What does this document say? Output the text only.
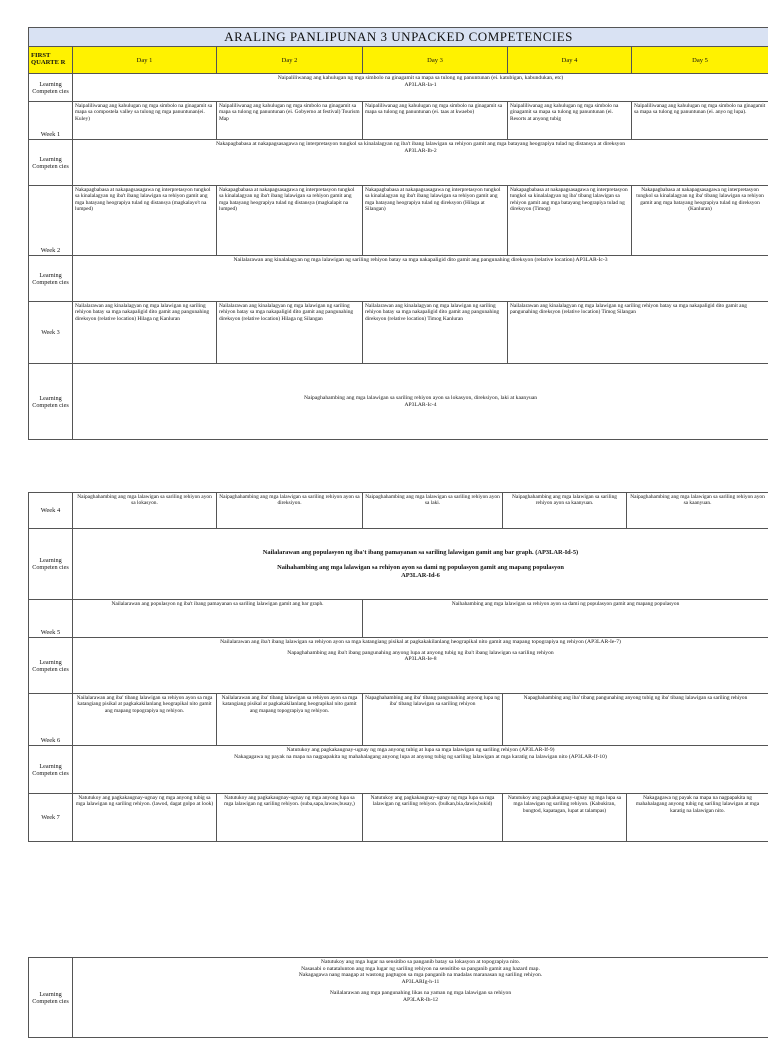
ARALING PANLIPUNAN 3 UNPACKED COMPETENCIES					
FIRST QUARTE R	Day 1	Day 2	Day 3	Day 4	Day 5
Learning Competen cies	Naipaliliwanag ang kahulugan ng mga simbolo na ginagamit sa mapa sa tulong ng panuntunan (ei. katubigan, kabundukan, etc)
AP3LAR-Ia-1				

Week 1	Naipaliliwanag ang kahulugan ng mga simbolo na ginagamit sa mapa sa compostela valley sa tulong ng mga panuntunan(ei. Kuley)	Naipaliliwanag ang kahulugan ng mga simbolo na ginagamit sa mapa sa tulong ng panuntunan (ei. Gobyerno at festival) Tourism Map	Naipaliliwanag ang kahulugan ng mga simbolo na ginagamit sa mapa sa tulong ng panuntunan (ei. taas at kwaebo)	Naipaliliwanag ang kahulugan ng mga simbolo na ginagamit sa mapa sa tulong ng panuntunan (ei. Resorts at anyong tubig	Naipaliliwanag ang kahulugan ng mga simbolo na ginagamit sa mapa sa tulong ng panuntunan (ei. anyo ng lupa).
Learning Competen cies	Nakapagbabasa at nakapagsasagawa ng interpretasyon tungkol sa kinalalagyan ng iba't ibang lalawigan sa rehiyon gamit ang mga batayang heograpiya tulad ng distansya at direksyon
AP3LAR-Ib-2				

Week 2	Nakapagbabasa at nakapagsasagawa ng interpretasyon tungkol sa kinalalagyan ng iba't ibang lalawigan sa rehiyon gamit ang mga batayang heograpiya tulad ng distansya (magkalayo't na lumped)	Nakapagbabasa at nakapagsasagawa ng interpretasyon tungkol sa kinalalagyan ng iba't ibang lalawigan sa rehiyon gamit ang mga batayang heograpiya tulad ng distansya (magkalapit na lumped)	Nakapagbabasa at nakapagsasagawa ng interpretasyon tungkol sa kinalalagyan ng iba't ibang lalawigan sa rehiyon gamit ang mga batayang heograpiya tulad ng direksyon (Hilaga at Silangan)	Nakapagbabasa at nakapagsasagawa ng interpretasyon tungkol sa kinalalagyan ng iba' tibang lalawigan sa rehiyon gamit ang mga batayang heograpiya tulad ng direksyon (Timog)	Nakapagbabasa at nakapagsasagawa ng interpretasyon tungkol sa kinalalagyan ng iba' tibang lalawigan sa rehiyon gamit ang mga batayang heograpiya tulad ng direksyon (Kanluran)
Learning Competen cies	Nailalarawan ang kinalalagyan ng mga lalawigan ng sariling rehiyon batay sa mga nakapaligid dito gamit ang pangunahing direksyon (relative location) AP3LAR-Ic-3				
Week 3	Nailalarawan ang kinalalagyan ng mga lalawigan ng sariling rehiyon batay sa mga nakapaligid dito gamit ang pangunahing direksyon (relative location) Hilaga ng Kanluran	Nailalarawan ang kinalalagyan ng mga lalawigan ng sariling rehiyon batay sa mga nakapaligid dito gamit ang pangunahing direksyon (relative location) Hilaga ng Silangan	Nailalarawan ang kinalalagyan ng mga lalawigan ng sariling rehiyon batay sa mga nakapaligid dito gamit ang pangunahing direksyon (relative location) Timog Kanluran	Nailalarawan ang kinalalagyan ng mga lalawigan ng sariling rehiyon batay sa mga nakapaligid dito gamit ang pangunahing direksyon (relative location) Timog Silangan	
Learning Competen cies	Naipaghahambing ang mga lalawigan sa sariling rehiyon ayon sa lokasyon, direksiyon, laki at kaanyuan
AP3LAR-Ic-4				
Week 4	Naipaghahambing ang mga lalawigan sa sariling rehiyon ayon sa lokasyon.	Naipaghahambing ang mga lalawigan sa sariling rehiyon ayon sa direksiyon.	Naipaghahambing ang mga lalawigan sa sariling rehiyon ayon sa laki.	Naipaghahambing ang mga lalawigan sa sariling rehiyon ayon sa kaanyuan.	Naipaghahambing ang mga lalawigan sa sariling rehiyon ayon sa kaanyuan.
Learning Competen cies	Nailalarawan ang populasyon ng iba't ibang pamayanan sa sariling lalawigan gamit ang bar graph. (AP3LAR-Id-5)
Naihahambing ang mga lalawigan sa rehiyon ayon sa dami ng populasyon gamit ang mapang populasyon
AP3LAR-Id-6				

Week 5	Nailalarawan ang populasyon ng iba't ibang pamayanan sa sariling lalawigan gamit ang bar graph.		Naihahambing ang mga lalawigan sa rehiyon ayon sa dami ng populasyon gamit ang mapang populasyon		
Learning Competen cies	Nailalarawan ang iba't ibang lalawigan sa rehiyon ayon sa mga katangiang pisikal at pagkakakilanlang heograpikal nito gamit ang mapang topograpiya ng rehiyon (AP3LAR-Ie-7)
Napaghahambing ang iba't ibang pangunahing anyong lupa at anyong tubig ng iba't ibang lalawigan sa sariling rehiyon
AP3LAR-Ie-8				

Week 6	Nailalarawan ang iba' tibang lalawigan sa rehiyon ayon sa mga katangiang pisikal at pagkakakilanlang heograpikal nito gamit ang mapang topograpiya ng rehiyon.	Nailalarawan ang iba' tibang lalawigan sa rehiyon ayon sa mga katangiang pisikal at pagkakakilanlang heograpikal nito gamit ang mapang topograpiya ng rehiyon.	Napaghahambing ang iba' tibang pangunahing anyong lupa ng iba' tibang lalawigan sa sariling rehiyon	Napaghahambing ang iba' tibang pangunahing anyong tubig ng iba' tibang lalawigan sa sariling rehiyon	
Learning Competen cies	Natutukoy ang pagkakaugnay-ugnay ng mga anyong tubig at lupa sa mga lalawigan ng sariling rehiyon (AP3LAR-If-9)
Nakagagawa ng payak na mapa na nagpapakita ng mahahalagang anyong lupa at anyong tubig ng sariling lalawigan at mga karatig na lalawigan nito (AP3LAR-If-10)				

Week 7	Natutukoy ang pagkakaugnay-ugnay ng mga anyong tubig sa mga lalawigan ng sariling rehiyon. (lawod, dagat golpo at look)	Natutukoy ang pagkakaugnay-ugnay ng mga anyong lupa sa mga lalawigan ng sariling rehiyon. (suba,sapa,lawaw,busay,)	Natutukoy ang pagkakaugnay-ugnay ng mga lupa sa mga lalawigan ng sariling rehiyon. (bulkan,bia,dawis,bukid)	Natutukoy ang pagkakaugnay-ugnay ng mga lupa sa mga lalawigan ng sariling rehiyon. (Kabukiran, bungtod, kapatagan, lupat at talampas)	Nakagagawa ng payak na mapa na nagpapakita ng mahahalagang anyong tubig ng sariling lalawigan at mga karatig na lalawigan nito.
Learning Competen cies	
Natutukoy ang mga lugar na sensitibo sa panganib batay sa lokasyon at topograpiya nito.
Nasasabi o natatalunton ang mga lugar ng sariling rehiyon na sensitibo sa panganib gamit ang hazard map.
Nakagagawa nang maagap at wastong pagtugon sa mga panganib na madalas maranasan ng sariling rehiyon.
AP3LARIg-h-11
Nailalarawan ang mga pangunahing likas na yaman ng mga lalawigan sa rehiyon
AP3LAR-Ih-12
